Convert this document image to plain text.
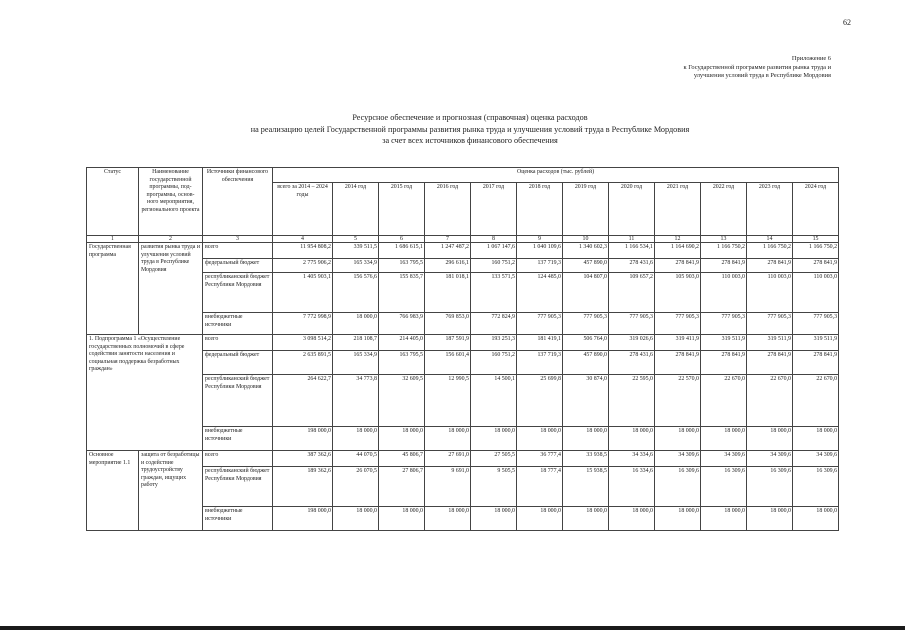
62
Приложение 6
к Государственной программе развития рынка труда и
улучшения условий труда в Республике Мордовия
Ресурсное обеспечение и прогнозная (справочная) оценка расходов
на реализацию целей Государственной программы развития рынка труда и улучшения условий труда в Республике Мордовия
за счет всех источников финансового обеспечения
Статус	Наименование государственной программы, под-программы, основ-ного мероприятия, регионального проекта	Источники финансового обеспечения	Оценка расходов (тыс. рублей)											
			всего за 2014 – 2024 годы	2014 год	2015 год	2016 год	2017 год	2018 год	2019 год	2020 год	2021 год	2022 год	2023 год	2024 год
1	2	3	4	5	6	7	8	9	10	11	12	13	14	15
Государственная программа	развития рынка труда и улучшения условий труда в Республике Мордовия	всего	11 954 808,2	339 511,5	1 686 615,1	1 247 487,2	1 067 147,6	1 040 109,6	1 340 602,3	1 166 534,1	1 164 690,2	1 166 750,2	1 166 750,2	1 166 750,2
		федеральный бюджет	2 775 906,2	165 334,9	163 795,5	296 616,1	160 751,2	137 719,3	457 890,0	278 431,6	278 841,9	278 841,9	278 841,9	278 841,9
		республиканский бюджет Республики Мордовия	1 405 903,1	156 576,6	155 835,7	181 018,1	133 571,5	124 485,0	104 807,0	109 657,2	105 903,0	110 003,0	110 003,0	110 003,0
		внебюджетные источники	7 772 998,9	18 000,0	766 983,9	769 853,0	772 824,9	777 905,3	777 905,3	777 905,3	777 905,3	777 905,3	777 905,3	777 905,3
1. Подпрограмма 1 «Осуществление государственных полномочий в сфере содействия занятости населения и социальная поддержка безработных граждан»		всего	3 098 514,2	218 108,7	214 405,0	187 591,9	193 251,3	181 419,1	506 764,0	319 026,6	319 411,9	319 511,9	319 511,9	319 511,9
		федеральный бюджет	2 635 891,5	165 334,9	163 795,5	156 601,4	160 751,2	137 719,3	457 890,0	278 431,6	278 841,9	278 841,9	278 841,9	278 841,9
		республиканский бюджет Республики Мордовия	264 622,7	34 773,8	32 609,5	12 990,5	14 500,1	25 699,8	30 874,0	22 595,0	22 570,0	22 670,0	22 670,0	22 670,0
		внебюджетные источники	198 000,0	18 000,0	18 000,0	18 000,0	18 000,0	18 000,0	18 000,0	18 000,0	18 000,0	18 000,0	18 000,0	18 000,0
Основное мероприятие 1.1	защита от безработицы и содействие трудоустройству граждан, ищущих работу	всего	387 362,6	44 070,5	45 806,7	27 691,0	27 505,5	36 777,4	33 938,5	34 334,6	34 309,6	34 309,6	34 309,6	34 309,6
		республиканский бюджет Республики Мордовия	189 362,6	26 070,5	27 806,7	9 691,0	9 505,5	18 777,4	15 938,5	16 334,6	16 309,6	16 309,6	16 309,6	16 309,6
		внебюджетные источники	198 000,0	18 000,0	18 000,0	18 000,0	18 000,0	18 000,0	18 000,0	18 000,0	18 000,0	18 000,0	18 000,0	18 000,0
